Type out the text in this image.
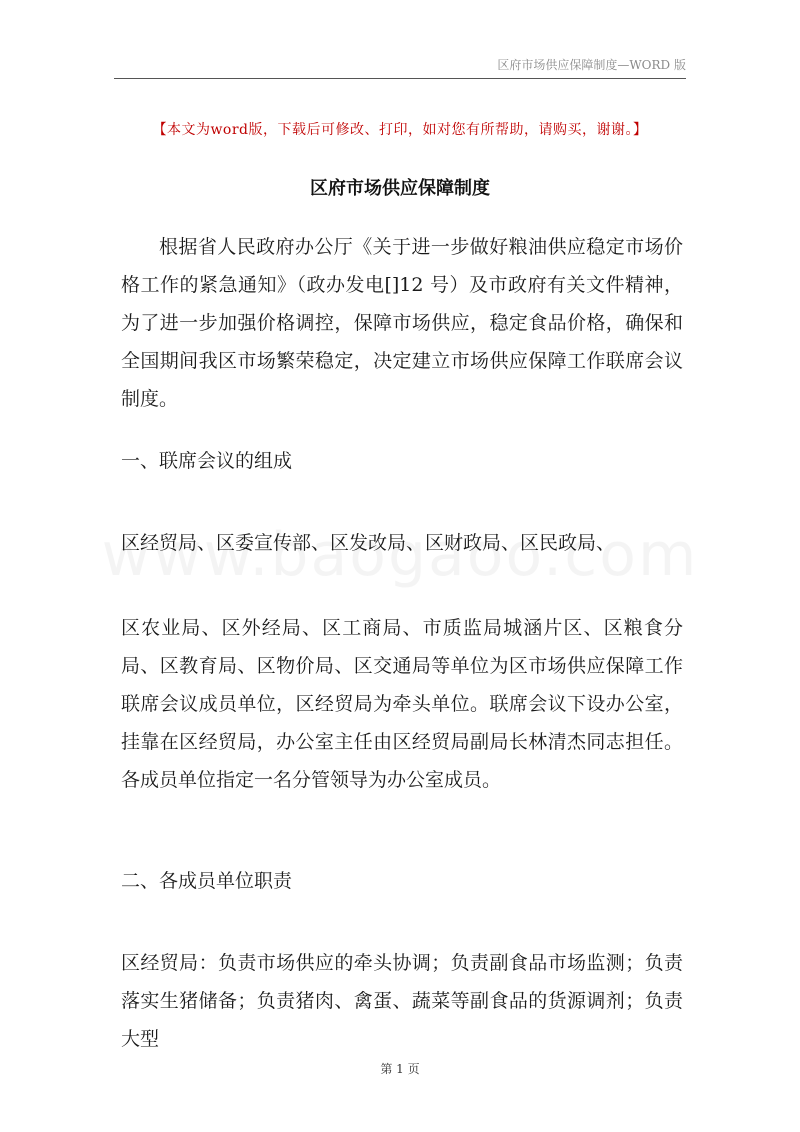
区府市场供应保障制度—WORD 版
【本文为word版，下载后可修改、打印，如对您有所帮助，请购买，谢谢。】
区府市场供应保障制度
根据省人民政府办公厅《关于进一步做好粮油供应稳定市场价格工作的紧急通知》（政办发电[]12 号）及市政府有关文件精神，为了进一步加强价格调控，保障市场供应，稳定食品价格，确保和全国期间我区市场繁荣稳定，决定建立市场供应保障工作联席会议制度。
一、联席会议的组成
区经贸局、区委宣传部、区发改局、区财政局、区民政局、
区农业局、区外经局、区工商局、市质监局城涵片区、区粮食分局、区教育局、区物价局、区交通局等单位为区市场供应保障工作联席会议成员单位，区经贸局为牵头单位。联席会议下设办公室，挂靠在区经贸局，办公室主任由区经贸局副局长林清杰同志担任。各成员单位指定一名分管领导为办公室成员。
二、各成员单位职责
区经贸局：负责市场供应的牵头协调；负责副食品市场监测；负责落实生猪储备；负责猪肉、禽蛋、蔬菜等副食品的货源调剂；负责大型
第 1 页
